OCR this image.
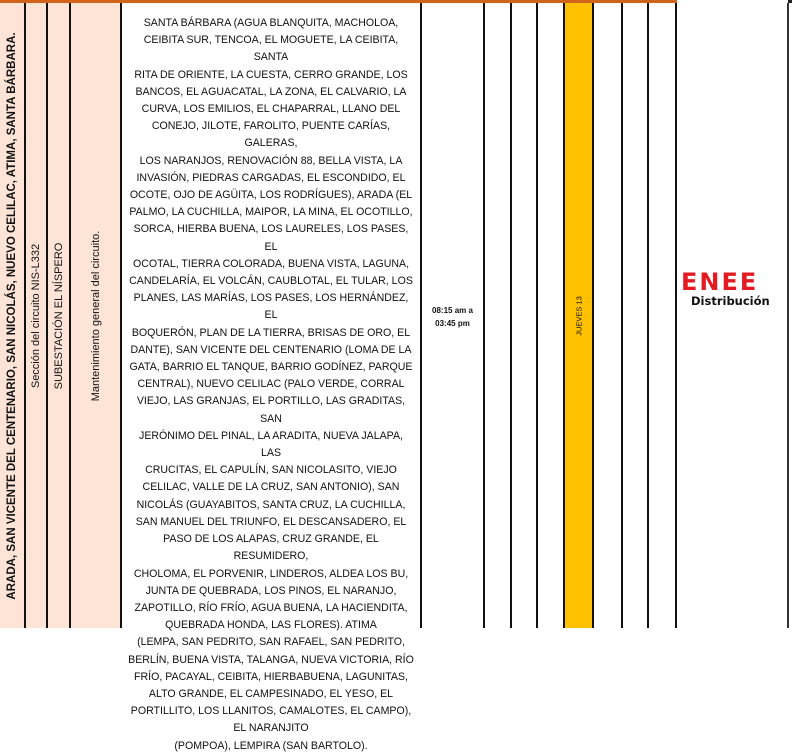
ARADA, SAN VICENTE DEL CENTENARIO, SAN NICOLÁS, NUEVO CELILAC, ATIMA, SANTA BÁRBARA. Sección del circuito NIS-L332 SUBESTACIÓN EL NÍSPERO Mantenimiento general del circuito.

SANTA BÁRBARA (AGUA BLANQUITA, MACHOLOA,

CEIBITA SUR, TENCOA, EL MOGUETE, LA CEIBITA, SANTA

RITA DE ORIENTE, LA CUESTA, CERRO GRANDE, LOS

BANCOS, EL AGUACATAL, LA ZONA, EL CALVARIO, LA

CURVA, LOS EMILIOS, EL CHAPARRAL, LLANO DEL

CONEJO, JILOTE, FAROLITO, PUENTE CARÍAS, GALERAS,

LOS NARANJOS, RENOVACIÓN 88, BELLA VISTA, LA

INVASIÓN, PIEDRAS CARGADAS, EL ESCONDIDO, EL

OCOTE, OJO DE AGÜITA, LOS RODRÍGUES), ARADA (EL

PALMO, LA CUCHILLA, MAIPOR, LA MINA, EL OCOTILLO,

SORCA, HIERBA BUENA, LOS LAURELES, LOS PASES, EL

OCOTAL, TIERRA COLORADA, BUENA VISTA, LAGUNA,

CANDELARÍA, EL VOLCÁN, CAUBLOTAL, EL TULAR, LOS

PLANES, LAS MARÍAS, LOS PASES, LOS HERNÁNDEZ, EL

BOQUERÓN, PLAN DE LA TIERRA, BRISAS DE ORO, EL

DANTE), SAN VICENTE DEL CENTENARIO (LOMA DE LA

GATA, BARRIO EL TANQUE, BARRIO GODÍNEZ, PARQUE

CENTRAL), NUEVO CELILAC (PALO VERDE, CORRAL

VIEJO, LAS GRANJAS, EL PORTILLO, LAS GRADITAS, SAN

JERÓNIMO DEL PINAL, LA ARADITA, NUEVA JALAPA, LAS

CRUCITAS, EL CAPULÍN, SAN NICOLASITO, VIEJO

CELILAC, VALLE DE LA CRUZ, SAN ANTONIO), SAN

NICOLÁS (GUAYABITOS, SANTA CRUZ, LA CUCHILLA,

SAN MANUEL DEL TRIUNFO, EL DESCANSADERO, EL

PASO DE LOS ALAPAS, CRUZ GRANDE, EL RESUMIDERO,

CHOLOMA, EL PORVENIR, LINDEROS, ALDEA LOS BU,

JUNTA DE QUEBRADA, LOS PINOS, EL NARANJO,

ZAPOTILLO, RÍO FRÍO, AGUA BUENA, LA HACIENDITA,

QUEBRADA HONDA, LAS FLORES). ATIMA

(LEMPA, SAN PEDRITO, SAN RAFAEL, SAN PEDRITO,

BERLÍN, BUENA VISTA, TALANGA, NUEVA VICTORIA, RÍO

FRÍO, PACAYAL, CEIBITA, HIERBABUENA, LAGUNITAS,

ALTO GRANDE, EL CAMPESINADO, EL YESO, EL

PORTILLITO, LOS LLANITOS, CAMALOTES, EL CAMPO),

EL NARANJITO

(POMPOA), LEMPIRA (SAN BARTOLO).

08:15 am a
03:45 pm	JUEVES 13
ENEE
Distribución
